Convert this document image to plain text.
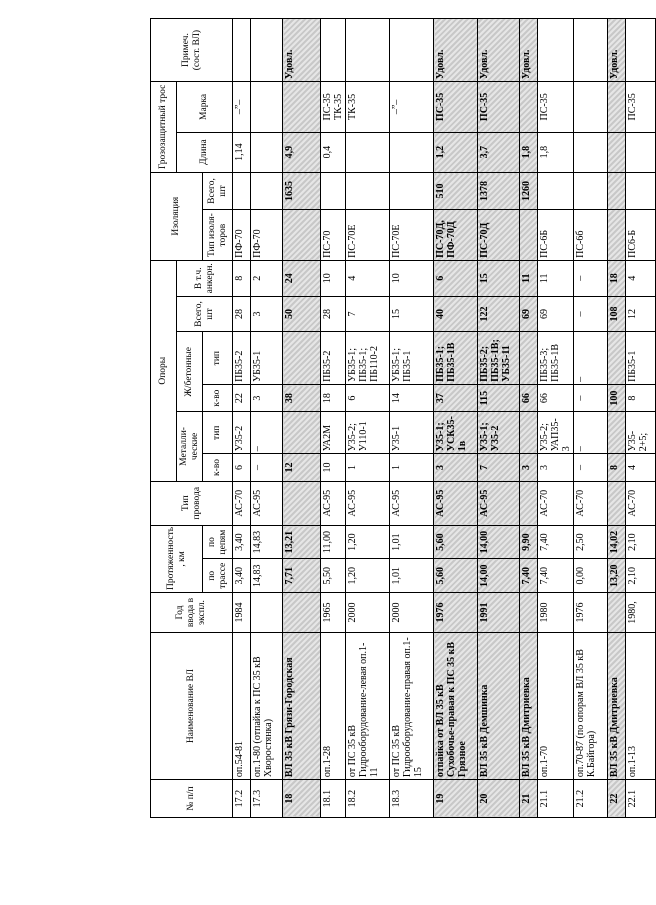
№ п/п	Наименование ВЛ	Год ввода в экспл.	Протяженность , км		Тип провода	Опоры						Изоляция		Грозозащитный трос		Примеч. (сост. ВЛ)
						Металли-ческие		Ж/бетонные		Всего, шт	В т.ч. анкерн.			Длина	Марка	
			по трассе	по цепям		к-во	тип	к-во	тип			Тип изоля-торов	Всего, шт			
17.2	оп.54-81	1984	3,40	3,40	АС-70	6	У35-2	22	ПБ35-2	28	8	ПФ-70		1,14	–”–	
17.3	оп.1-80 (отпайка к ПС 35 кВ Хворостянка)		14,83	14,83	АС-95	–	–	3	УБ35-1	3	2	ПФ-70				
18	ВЛ 35 кВ Грязи-Городская		7,71	13,21		12		38		50	24		1635	4,9		Удовл.
18.1	оп.1-28	1965	5,50	11,00	АС-95	10	УА2М	18	ПБ35-2	28	10	ПС-70		0,4	ПС-35 ТК-35	
18.2	от ПС 35 кВ Гидрооборудование-левая оп.1-11	2000	1,20	1,20	АС-95	1	У35-2; У110-1	6	УБ35-1; ПБ35-1; ПБ110-2	7	4	ПС-70Е			ТК-35	
18.3	от ПС 35 кВ Гидрооборудование-правая оп.1-15	2000	1,01	1,01	АС-95	1	У35-1	14	УБ35-1; ПБ35-1	15	10	ПС-70Е			–”–	
19	отпайка от ВЛ 35 кВ Сухобочье-правая к ПС 35 кВ Грязное	1976	5,60	5,60	АС-95	3	У35-1; УСК35-1в	37	ПБ35-1; ПБ35-1В	40	6	ПС-70Д, ПФ-70Д	510	1,2	ПС-35	Удовл.
20	ВЛ 35 кВ Демшинка	1991	14,00	14,00	АС-95	7	У35-1; У35-2	115	ПБ35-2; ПБ35-1В; УБ35-11	122	15	ПС-70Д	1378	3,7	ПС-35	Удовл.
21	ВЛ 35 кВ Дмитриевка		7,40	9,90		3		66		69	11		1260	1,8		Удовл.
21.1	оп.1-70	1980	7,40	7,40	АС-70	3	У35-2; УАП35-3	66	ПБ35-3; ПБ35-1В	69	11	ПС-6Б		1,8	ПС-35	
21.2	оп.70-87 (по опорам ВЛ 35 кВ К.Байгора)	1976	0,00	2,50	АС-70	–	–	–	–	–	–	ПС-6б				
22	ВЛ 35 кВ Дмитриевка		13,20	14,02		8		100		108	18					Удовл.
22.1	оп.1-13	1980,	2,10	2,10	АС-70	4	У35-2+5;	8	ПБ35-1	12	4	ПС6-Б			ПС-35	
